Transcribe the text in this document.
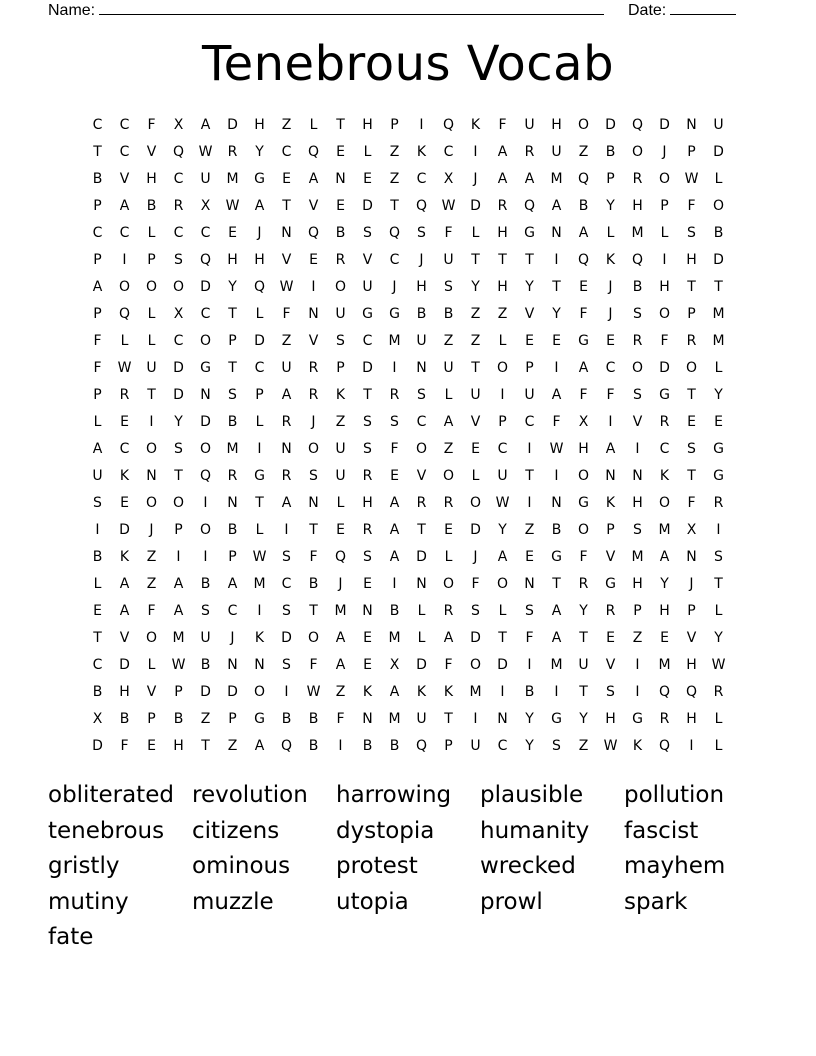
Name:	Date:
Tenebrous Vocab
C	C	F	X	A	D	H	Z	L	T	H	P	I	Q	K	F	U	H	O	D	Q	D	N	U
T	C	V	Q	W	R	Y	C	Q	E	L	Z	K	C	I	A	R	U	Z	B	O	J	P	D
B	V	H	C	U	M	G	E	A	N	E	Z	C	X	J	A	A	M	Q	P	R	O	W	L
P	A	B	R	X	W	A	T	V	E	D	T	Q	W	D	R	Q	A	B	Y	H	P	F	O
C	C	L	C	C	E	J	N	Q	B	S	Q	S	F	L	H	G	N	A	L	M	L	S	B
P	I	P	S	Q	H	H	V	E	R	V	C	J	U	T	T	T	I	Q	K	Q	I	H	D
A	O	O	O	D	Y	Q	W	I	O	U	J	H	S	Y	H	Y	T	E	J	B	H	T	T
P	Q	L	X	C	T	L	F	N	U	G	G	B	B	Z	Z	V	Y	F	J	S	O	P	M
F	L	L	C	O	P	D	Z	V	S	C	M	U	Z	Z	L	E	E	G	E	R	F	R	M
F	W	U	D	G	T	C	U	R	P	D	I	N	U	T	O	P	I	A	C	O	D	O	L
P	R	T	D	N	S	P	A	R	K	T	R	S	L	U	I	U	A	F	F	S	G	T	Y
L	E	I	Y	D	B	L	R	J	Z	S	S	C	A	V	P	C	F	X	I	V	R	E	E
A	C	O	S	O	M	I	N	O	U	S	F	O	Z	E	C	I	W	H	A	I	C	S	G
U	K	N	T	Q	R	G	R	S	U	R	E	V	O	L	U	T	I	O	N	N	K	T	G
S	E	O	O	I	N	T	A	N	L	H	A	R	R	O	W	I	N	G	K	H	O	F	R
I	D	J	P	O	B	L	I	T	E	R	A	T	E	D	Y	Z	B	O	P	S	M	X	I
B	K	Z	I	I	P	W	S	F	Q	S	A	D	L	J	A	E	G	F	V	M	A	N	S
L	A	Z	A	B	A	M	C	B	J	E	I	N	O	F	O	N	T	R	G	H	Y	J	T
E	A	F	A	S	C	I	S	T	M	N	B	L	R	S	L	S	A	Y	R	P	H	P	L
T	V	O	M	U	J	K	D	O	A	E	M	L	A	D	T	F	A	T	E	Z	E	V	Y
C	D	L	W	B	N	N	S	F	A	E	X	D	F	O	D	I	M	U	V	I	M	H	W
B	H	V	P	D	D	O	I	W	Z	K	A	K	K	M	I	B	I	T	S	I	Q	Q	R
X	B	P	B	Z	P	G	B	B	F	N	M	U	T	I	N	Y	G	Y	H	G	R	H	L
D	F	E	H	T	Z	A	Q	B	I	B	B	Q	P	U	C	Y	S	Z	W	K	Q	I	L
obliterated revolution	harrowing	plausible	pollution
tenebrous	citizens	dystopia	humanity	fascist
gristly	ominous	protest	wrecked	mayhem
mutiny	muzzle	utopia	prowl	spark
fate
